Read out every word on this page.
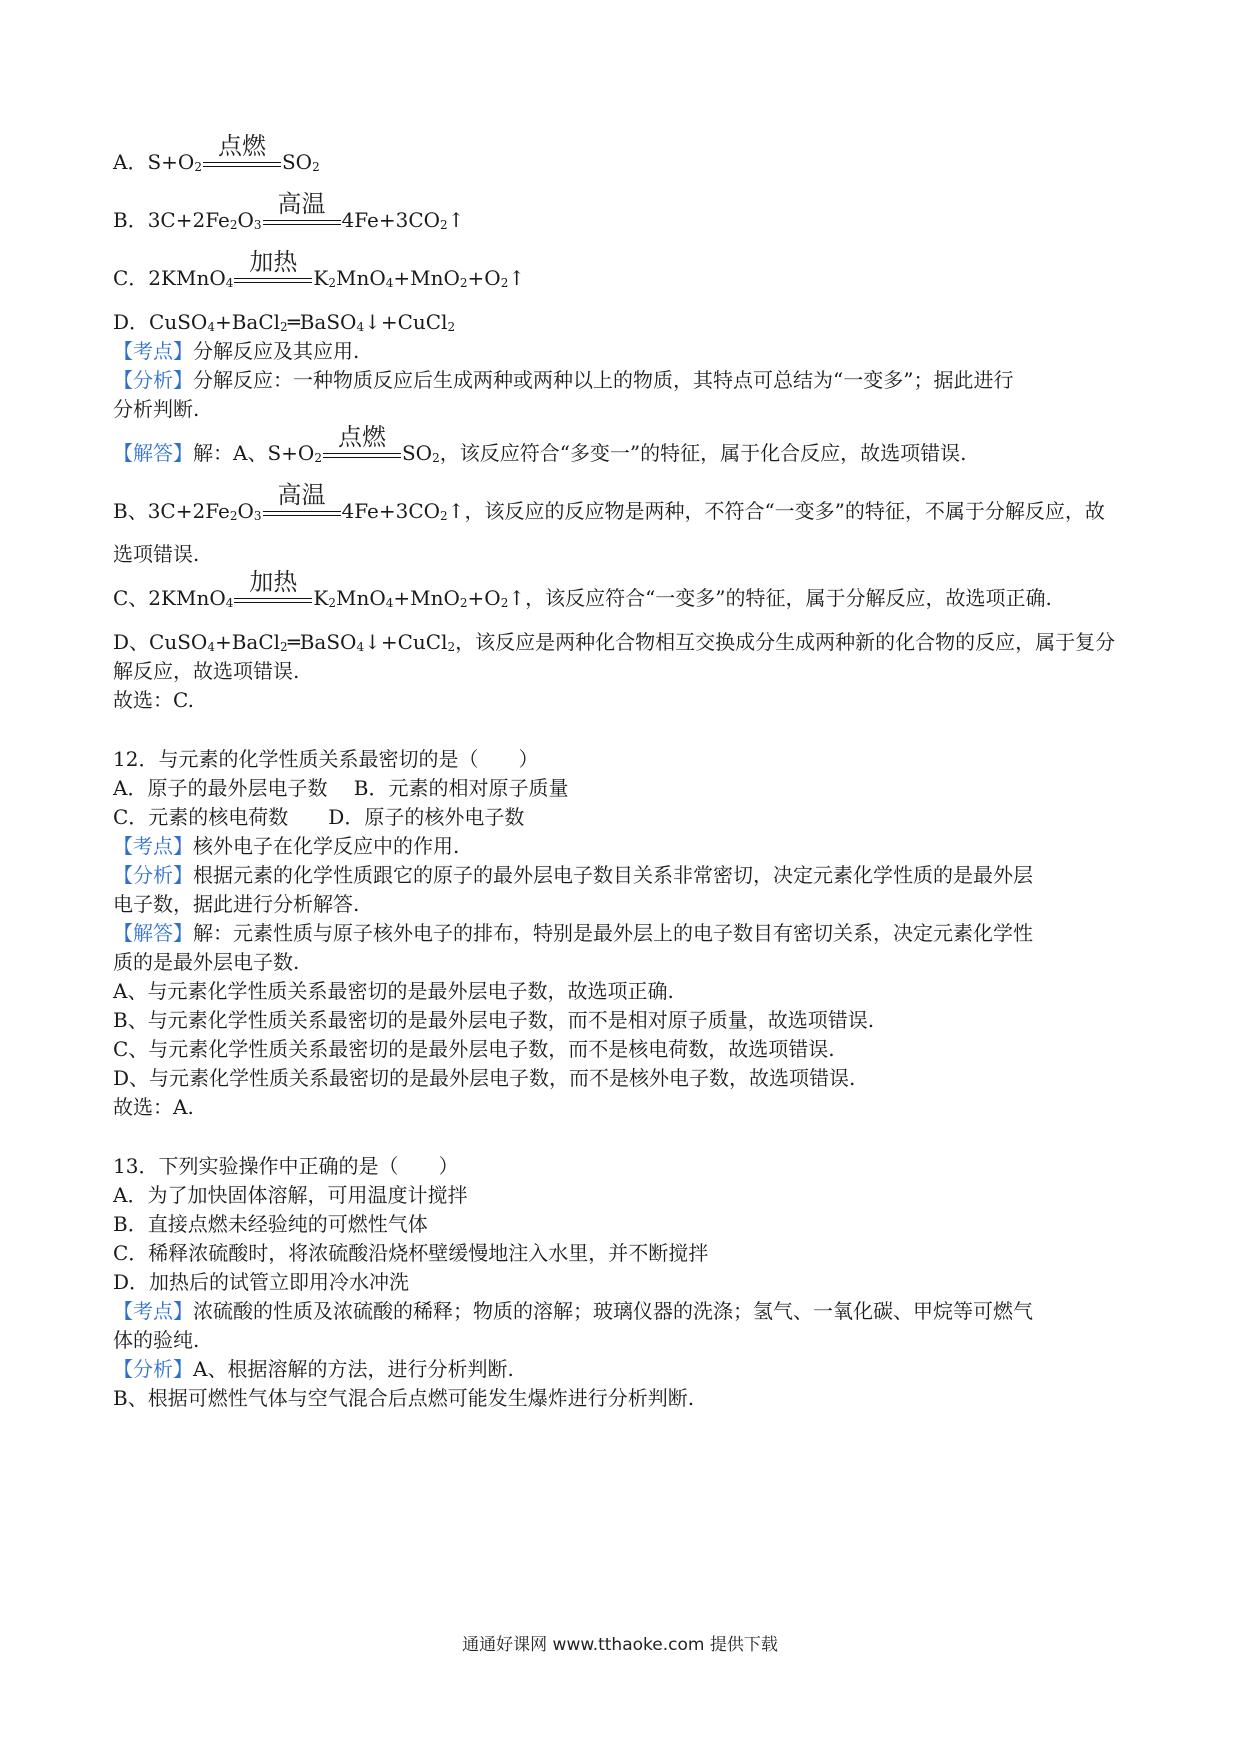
A．$S+O_2$
点燃
$SO_2$
B．$3C+2Fe_2O_3$
高温
$4Fe+3CO_2↑$
C．2KMnO$_4$
加热
$K_2MnO_4+MnO_2+O_2↑$
D．CuSO$_4$+BaCl$_2$═BaSO$_4$↓+CuCl$_2$
【考点】分解反应及其应用.
【分析】分解反应：一种物质反应后生成两种或两种以上的物质，其特点可总结为“一变多”；据此进行
分析判断.
【解答】解：A、$S+O_2$
点燃
$SO_2$，该反应符合“多变一”的特征，属于化合反应，故选项错误.
B、$3C+2Fe_2O_3$
高温
$4Fe+3CO_2↑$，该反应的反应物是两种，不符合“一变多”的特征，不属于分解反应，故
选项错误.
C、2KMnO$_4$
加热
$K_2MnO_4+MnO_2+O_2↑$，该反应符合“一变多”的特征，属于分解反应，故选项正确.
D、CuSO$_4$+BaCl$_2$═BaSO$_4$↓+CuCl$_2$，该反应是两种化合物相互交换成分生成两种新的化合物的反应，属于复分
解反应，故选项错误.
故选：C.
12．与元素的化学性质关系最密切的是（　　）
A．原子的最外层电子数　 B．元素的相对原子质量
C．元素的核电荷数　　D．原子的核外电子数
【考点】核外电子在化学反应中的作用.
【分析】根据元素的化学性质跟它的原子的最外层电子数目关系非常密切，决定元素化学性质的是最外层
电子数，据此进行分析解答.
【解答】解：元素性质与原子核外电子的排布，特别是最外层上的电子数目有密切关系，决定元素化学性
质的是最外层电子数.
A、与元素化学性质关系最密切的是最外层电子数，故选项正确.
B、与元素化学性质关系最密切的是最外层电子数，而不是相对原子质量，故选项错误.
C、与元素化学性质关系最密切的是最外层电子数，而不是核电荷数，故选项错误.
D、与元素化学性质关系最密切的是最外层电子数，而不是核外电子数，故选项错误.
故选：A.
13．下列实验操作中正确的是（　　）
A．为了加快固体溶解，可用温度计搅拌
B．直接点燃未经验纯的可燃性气体
C．稀释浓硫酸时，将浓硫酸沿烧杯壁缓慢地注入水里，并不断搅拌
D．加热后的试管立即用冷水冲洗
【考点】浓硫酸的性质及浓硫酸的稀释；物质的溶解；玻璃仪器的洗涤；氢气、一氧化碳、甲烷等可燃气
体的验纯.
【分析】A、根据溶解的方法，进行分析判断.
B、根据可燃性气体与空气混合后点燃可能发生爆炸进行分析判断.
通通好课网 www.tthaoke.com 提供下载
